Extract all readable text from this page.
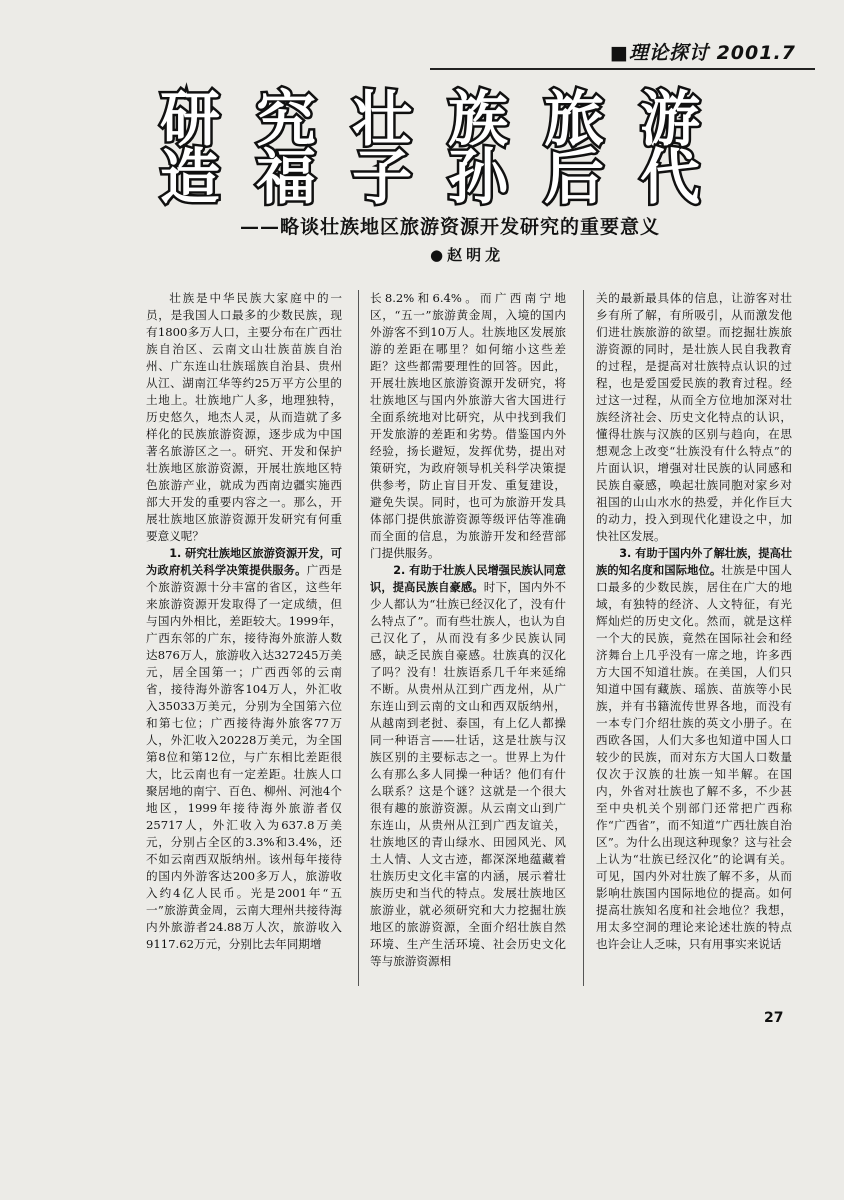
■理论探讨 2001.7
研究壮族旅游
造福子孙后代
——略谈壮族地区旅游资源开发研究的重要意义
●赵明龙

壮族是中华民族大家庭中的一员，是我国人口最多的少数民族，现有1800多万人口，主要分布在广西壮族自治区、云南文山壮族苗族自治州、广东连山壮族瑶族自治县、贵州从江、湖南江华等约25万平方公里的土地上。壮族地广人多，地理独特，历史悠久，地杰人灵，从而造就了多样化的民族旅游资源，逐步成为中国著名旅游区之一。研究、开发和保护壮族地区旅游资源，开展壮族地区特色旅游产业，就成为西南边疆实施西部大开发的重要内容之一。那么，开展壮族地区旅游资源开发研究有何重要意义呢？

1. 研究壮族地区旅游资源开发，可为政府机关科学决策提供服务。广西是个旅游资源十分丰富的省区，这些年来旅游资源开发取得了一定成绩，但与国内外相比，差距较大。1999年，广西东邻的广东，接待海外旅游人数达876万人，旅游收入达327245万美元，居全国第一；广西西邻的云南省，接待海外游客104万人，外汇收入35033万美元，分别为全国第六位和第七位；广西接待海外旅客77万人，外汇收入20228万美元，为全国第8位和第12位，与广东相比差距很大，比云南也有一定差距。壮族人口聚居地的南宁、百色、柳州、河池4个地区，1999年接待海外旅游者仅25717人，外汇收入为637.8万美元，分别占全区的3.3%和3.4%，还不如云南西双版纳州。该州每年接待的国内外游客达200多万人，旅游收入约4亿人民币。光是2001年“五一”旅游黄金周，云南大理州共接待海内外旅游者24.88万人次，旅游收入9117.62万元，分别比去年同期增

长8.2%和6.4%。而广西南宁地区，“五一”旅游黄金周，入境的国内外游客不到10万人。壮族地区发展旅游的差距在哪里？如何缩小这些差距？这些都需要理性的回答。因此，开展壮族地区旅游资源开发研究，将壮族地区与国内外旅游大省大国进行全面系统地对比研究，从中找到我们开发旅游的差距和劣势。借鉴国内外经验，扬长避短，发挥优势，提出对策研究，为政府领导机关科学决策提供参考，防止盲目开发、重复建设，避免失误。同时，也可为旅游开发具体部门提供旅游资源等级评估等准确而全面的信息，为旅游开发和经营部门提供服务。

2. 有助于壮族人民增强民族认同意识，提高民族自豪感。时下，国内外不少人都认为“壮族已经汉化了，没有什么特点了”。而有些壮族人，也认为自己汉化了，从而没有多少民族认同感，缺乏民族自豪感。壮族真的汉化了吗？没有！壮族语系几千年来延绵不断。从贵州从江到广西龙州，从广东连山到云南的文山和西双版纳州，从越南到老挝、泰国，有上亿人都操同一种语言——壮话，这是壮族与汉族区别的主要标志之一。世界上为什么有那么多人同操一种话？他们有什么联系？这是个谜？这就是一个很大很有趣的旅游资源。从云南文山到广东连山，从贵州从江到广西友谊关，壮族地区的青山绿水、田园风光、风土人情、人文古迹，都深深地蕴藏着壮族历史文化丰富的内涵，展示着壮族历史和当代的特点。发展壮族地区旅游业，就必须研究和大力挖掘壮族地区的旅游资源，全面介绍壮族自然环境、生产生活环境、社会历史文化等与旅游资源相

关的最新最具体的信息，让游客对壮乡有所了解，有所吸引，从而激发他们进壮族旅游的欲望。而挖掘壮族旅游资源的同时，是壮族人民自我教育的过程，是提高对壮族特点认识的过程，也是爱国爱民族的教育过程。经过这一过程，从而全方位地加深对壮族经济社会、历史文化特点的认识，懂得壮族与汉族的区别与趋向，在思想观念上改变“壮族没有什么特点”的片面认识，增强对壮民族的认同感和民族自豪感，唤起壮族同胞对家乡对祖国的山山水水的热爱，并化作巨大的动力，投入到现代化建设之中，加快社区发展。

3. 有助于国内外了解壮族，提高壮族的知名度和国际地位。壮族是中国人口最多的少数民族，居住在广大的地域，有独特的经济、人文特征，有光辉灿烂的历史文化。然而，就是这样一个大的民族，竟然在国际社会和经济舞台上几乎没有一席之地，许多西方大国不知道壮族。在美国，人们只知道中国有藏族、瑶族、苗族等小民族，并有书籍流传世界各地，而没有一本专门介绍壮族的英文小册子。在西欧各国，人们大多也知道中国人口较少的民族，而对东方大国人口数量仅次于汉族的壮族一知半解。在国内，外省对壮族也了解不多，不少甚至中央机关个别部门还常把广西称作“广西省”，而不知道“广西壮族自治区”。为什么出现这种现象？这与社会上认为“壮族已经汉化”的论调有关。可见，国内外对壮族了解不多，从而影响壮族国内国际地位的提高。如何提高壮族知名度和社会地位？我想，用太多空洞的理论来论述壮族的特点也许会让人乏味，只有用事实来说话

27
